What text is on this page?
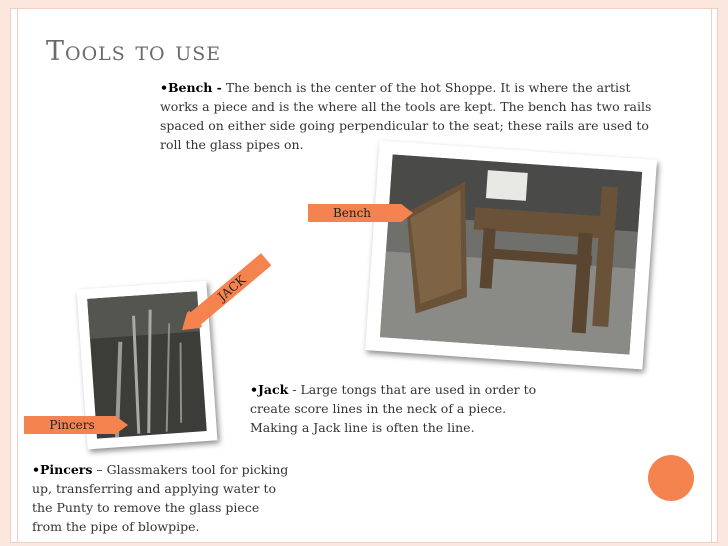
Tools to use
•Bench - The bench is the center of the hot Shoppe. It is where the artist works a piece and is the where all the tools are kept. The bench has two rails spaced on either side going perpendicular to the seat; these rails are used to roll the glass pipes on.
Bench
JACK
Pincers
•Jack - Large tongs that are used in order to create score lines in the neck of a piece. Making a Jack line is often the line.
•Pincers – Glassmakers tool for picking up, transferring and applying water to the Punty to remove the glass piece from the pipe of blowpipe.
